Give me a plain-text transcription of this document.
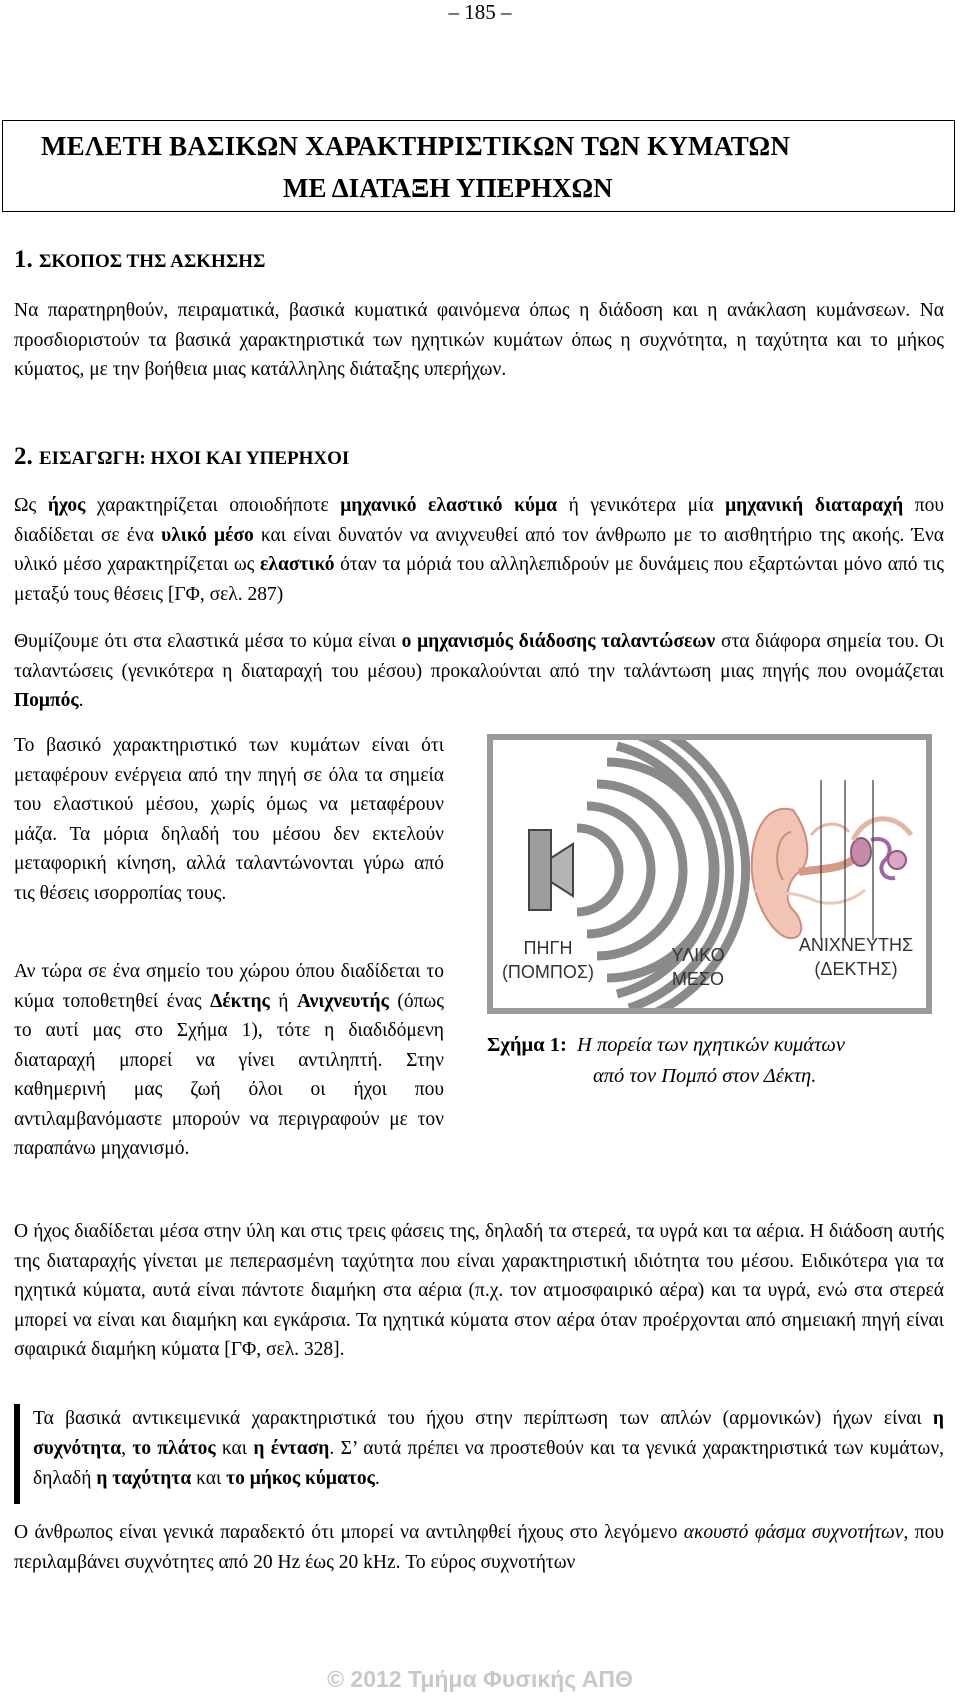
– 185 –
ΜΕΛΕΤΗ ΒΑΣΙΚΩΝ ΧΑΡΑΚΤΗΡΙΣΤΙΚΩΝ ΤΩΝ ΚΥΜΑΤΩΝ
ΜΕ ΔΙΑΤΑΞΗ ΥΠΕΡΗΧΩΝ
1. ΣΚΟΠΟΣ ΤΗΣ ΑΣΚΗΣΗΣ

Να παρατηρηθούν, πειραματικά, βασικά κυματικά φαινόμενα όπως η διάδοση και η ανάκλαση κυμάνσεων. Να προσδιοριστούν τα βασικά χαρακτηριστικά των ηχητικών κυμάτων όπως η συχνότητα, η ταχύτητα και το μήκος κύματος, με την βοήθεια μιας κατάλληλης διάταξης υπερήχων.

2. ΕΙΣΑΓΩΓΗ: ΗΧΟΙ ΚΑΙ ΥΠΕΡΗΧΟΙ

Ως ήχος χαρακτηρίζεται οποιοδήποτε μηχανικό ελαστικό κύμα ή γενικότερα μία μηχανική διαταραχή που διαδίδεται σε ένα υλικό μέσο και είναι δυνατόν να ανιχνευθεί από τον άνθρωπο με το αισθητήριο της ακοής. Ένα υλικό μέσο χαρακτηρίζεται ως ελαστικό όταν τα μόριά του αλληλεπιδρούν με δυνάμεις που εξαρτώνται μόνο από τις μεταξύ τους θέσεις [ΓΦ, σελ. 287)

Θυμίζουμε ότι στα ελαστικά μέσα το κύμα είναι ο μηχανισμός διάδοσης ταλαντώσεων στα διάφορα σημεία του. Οι ταλαντώσεις (γενικότερα η διαταραχή του μέσου) προκαλούνται από την ταλάντωση μιας πηγής που ονομάζεται Πομπός.

Το βασικό χαρακτηριστικό των κυμάτων είναι ότι μεταφέρουν ενέργεια από την πηγή σε όλα τα σημεία του ελαστικού μέσου, χωρίς όμως να μεταφέρουν μάζα. Τα μόρια δηλαδή του μέσου δεν εκτελούν μεταφορική κίνηση, αλλά ταλαντώνονται γύρω από τις θέσεις ισορροπίας τους.

Αν τώρα σε ένα σημείο του χώρου όπου διαδίδεται το κύμα τοποθετηθεί ένας Δέκτης ή Ανιχνευτής (όπως το αυτί μας στο Σχήμα 1), τότε η διαδιδόμενη διαταραχή μπορεί να γίνει αντιληπτή. Στην καθημερινή μας ζωή όλοι οι ήχοι που αντιλαμβανόμαστε μπορούν να περιγραφούν με τον παραπάνω μηχανισμό.

ΠΗΓΗ
(ΠΟΜΠΟΣ)
ΥΛΙΚΟ
ΜΕΣΟ
ΑΝΙΧΝΕΥΤΗΣ
(ΔΕΚΤΗΣ)
Σχήμα 1: Η πορεία των ηχητικών κυμάτων
από τον Πομπό στον Δέκτη.

Ο ήχος διαδίδεται μέσα στην ύλη και στις τρεις φάσεις της, δηλαδή τα στερεά, τα υγρά και τα αέρια. Η διάδοση αυτής της διαταραχής γίνεται με πεπερασμένη ταχύτητα που είναι χαρακτηριστική ιδιότητα του μέσου. Ειδικότερα για τα ηχητικά κύματα, αυτά είναι πάντοτε διαμήκη στα αέρια (π.χ. τον ατμοσφαιρικό αέρα) και τα υγρά, ενώ στα στερεά μπορεί να είναι και διαμήκη και εγκάρσια. Τα ηχητικά κύματα στον αέρα όταν προέρχονται από σημειακή πηγή είναι σφαιρικά διαμήκη κύματα [ΓΦ, σελ. 328].

Τα βασικά αντικειμενικά χαρακτηριστικά του ήχου στην περίπτωση των απλών (αρμονικών) ήχων είναι η συχνότητα, το πλάτος και η ένταση. Σ’ αυτά πρέπει να προστεθούν και τα γενικά χαρακτηριστικά των κυμάτων, δηλαδή η ταχύτητα και το μήκος κύματος.

Ο άνθρωπος είναι γενικά παραδεκτό ότι μπορεί να αντιληφθεί ήχους στο λεγόμενο ακουστό φάσμα συχνοτήτων, που περιλαμβάνει συχνότητες από 20 Hz έως 20 kHz. Το εύρος συχνοτήτων

© 2012 Τμήμα Φυσικής ΑΠΘ
